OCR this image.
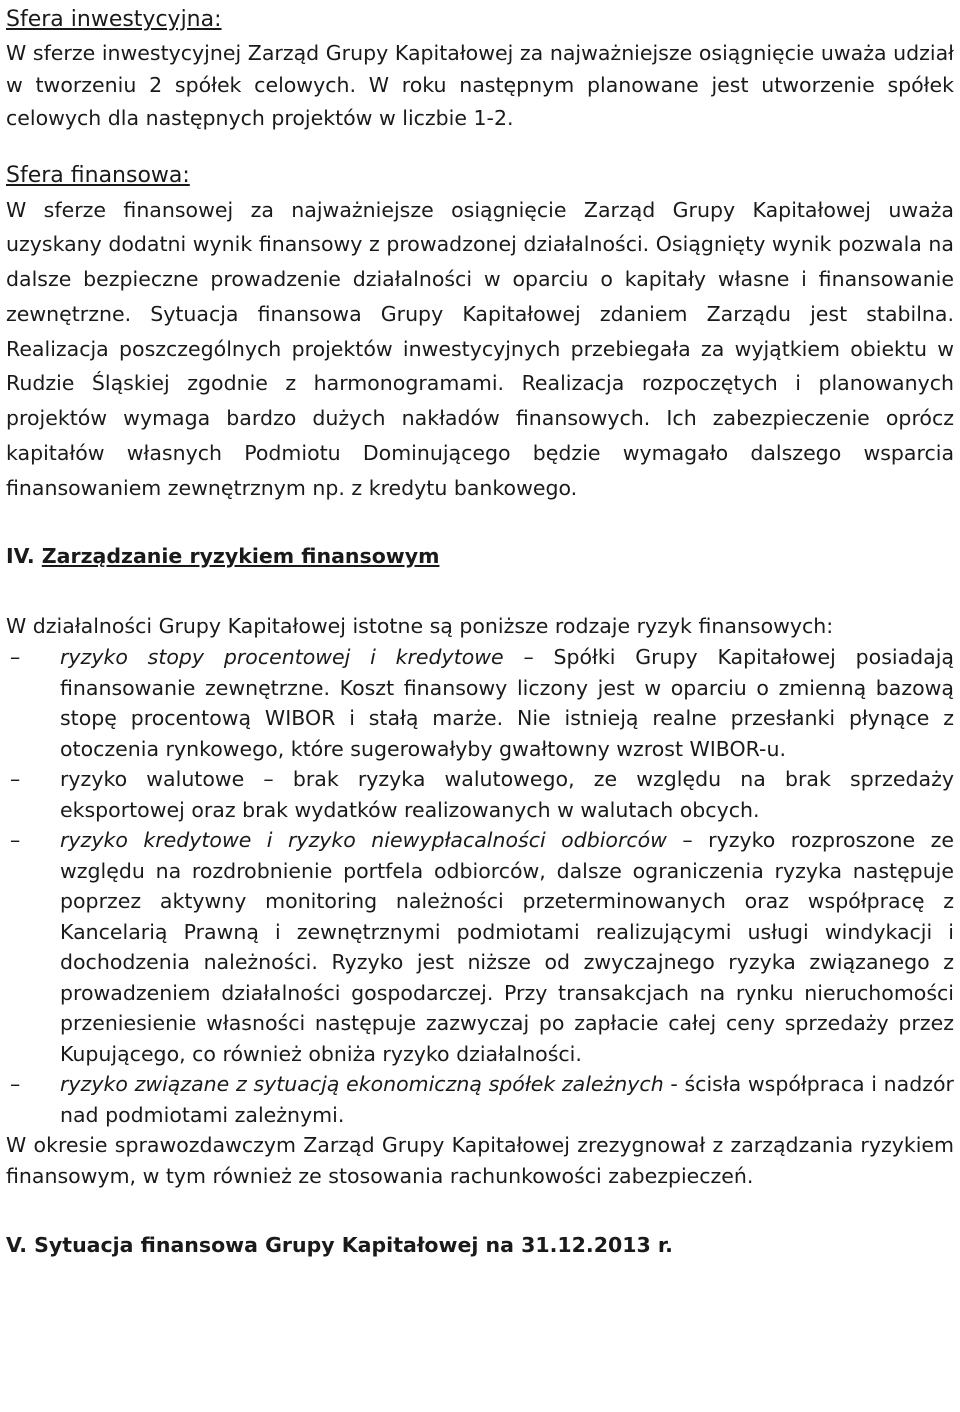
Sfera inwestycyjna:

W sferze inwestycyjnej Zarząd Grupy Kapitałowej za najważniejsze osiągnięcie uważa udział w tworzeniu 2 spółek celowych. W roku następnym planowane jest utworzenie spółek celowych dla następnych projektów w liczbie 1-2.

Sfera finansowa:

W sferze finansowej za najważniejsze osiągnięcie Zarząd Grupy Kapitałowej uważa uzyskany dodatni wynik finansowy z prowadzonej działalności. Osiągnięty wynik pozwala na dalsze bezpieczne prowadzenie działalności w oparciu o kapitały własne i finansowanie zewnętrzne. Sytuacja finansowa Grupy Kapitałowej zdaniem Zarządu jest stabilna. Realizacja poszczególnych projektów inwestycyjnych przebiegała za wyjątkiem obiektu w Rudzie Śląskiej zgodnie z harmonogramami. Realizacja rozpoczętych i planowanych projektów wymaga bardzo dużych nakładów finansowych. Ich zabezpieczenie oprócz kapitałów własnych Podmiotu Dominującego będzie wymagało dalszego wsparcia finansowaniem zewnętrznym np. z kredytu bankowego.

IV. Zarządzanie ryzykiem finansowym

W działalności Grupy Kapitałowej istotne są poniższe rodzaje ryzyk finansowych:

–	ryzyko stopy procentowej i kredytowe – Spółki Grupy Kapitałowej posiadają finansowanie zewnętrzne. Koszt finansowy liczony jest w oparciu o zmienną bazową stopę procentową WIBOR i stałą marże. Nie istnieją realne przesłanki płynące z otoczenia rynkowego, które sugerowałyby gwałtowny wzrost WIBOR-u.
–	ryzyko walutowe – brak ryzyka walutowego, ze względu na brak sprzedaży eksportowej oraz brak wydatków realizowanych w walutach obcych.
–	ryzyko kredytowe i ryzyko niewypłacalności odbiorców – ryzyko rozproszone ze względu na rozdrobnienie portfela odbiorców, dalsze ograniczenia ryzyka następuje poprzez aktywny monitoring należności przeterminowanych oraz współpracę z Kancelarią Prawną i zewnętrznymi podmiotami realizującymi usługi windykacji i dochodzenia należności. Ryzyko jest niższe od zwyczajnego ryzyka związanego z prowadzeniem działalności gospodarczej. Przy transakcjach na rynku nieruchomości przeniesienie własności następuje zazwyczaj po zapłacie całej ceny sprzedaży przez Kupującego, co również obniża ryzyko działalności.
–	ryzyko związane z sytuacją ekonomiczną spółek zależnych - ścisła współpraca i nadzór nad podmiotami zależnymi.

W okresie sprawozdawczym Zarząd Grupy Kapitałowej zrezygnował z zarządzania ryzykiem finansowym, w tym również ze stosowania rachunkowości zabezpieczeń.

V. Sytuacja finansowa Grupy Kapitałowej na 31.12.2013 r.
